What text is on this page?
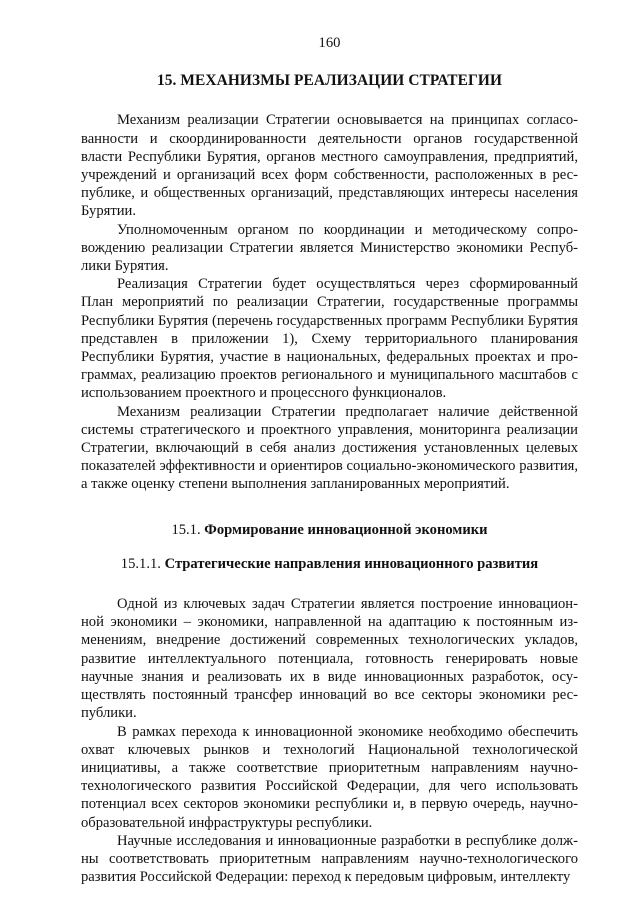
160
15. МЕХАНИЗМЫ РЕАЛИЗАЦИИ СТРАТЕГИИ

Механизм реализации Стратегии основывается на принципах согласованности и скоординированности деятельности органов государственной власти Республики Бурятия, органов местного самоуправления, предприятий, учреждений и организаций всех форм собственности, расположенных в республике, и общественных организаций, представляющих интересы населения Бурятии.

Уполномоченным органом по координации и методическому сопровождению реализации Стратегии является Министерство экономики Республики Бурятия.

Реализация Стратегии будет осуществляться через сформированный План мероприятий по реализации Стратегии, государственные программы Республики Бурятия (перечень государственных программ Республики Бурятия представлен в приложении 1), Схему территориального планирования Республики Бурятия, участие в национальных, федеральных проектах и программах, реализацию проектов регионального и муниципального масштабов с использованием проектного и процессного функционалов.

Механизм реализации Стратегии предполагает наличие действенной системы стратегического и проектного управления, мониторинга реализации Стратегии, включающий в себя анализ достижения установленных целевых показателей эффективности и ориентиров социально-экономического развития, а также оценку степени выполнения запланированных мероприятий.

15.1. Формирование инновационной экономики
15.1.1. Стратегические направления инновационного развития

Одной из ключевых задач Стратегии является построение инновационной экономики – экономики, направленной на адаптацию к постоянным изменениям, внедрение достижений современных технологических укладов, развитие интеллектуального потенциала, готовность генерировать новые научные знания и реализовать их в виде инновационных разработок, осуществлять постоянный трансфер инноваций во все секторы экономики республики.

В рамках перехода к инновационной экономике необходимо обеспечить охват ключевых рынков и технологий Национальной технологической инициативы, а также соответствие приоритетным направлениям научно-технологического развития Российской Федерации, для чего использовать потенциал всех секторов экономики республики и, в первую очередь, научно-образовательной инфраструктуры республики.

Научные исследования и инновационные разработки в республике должны соответствовать приоритетным направлениям научно-технологического развития Российской Федерации: переход к передовым цифровым, интеллекту
